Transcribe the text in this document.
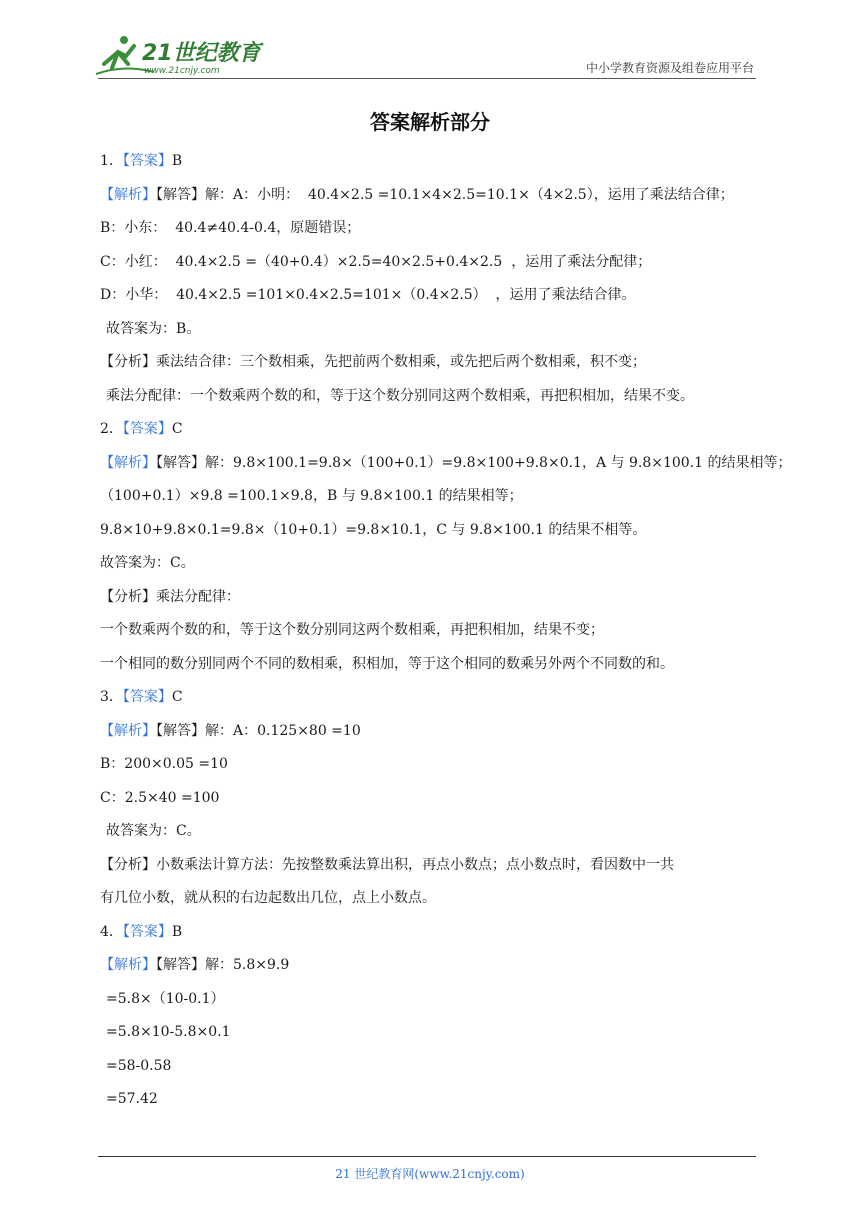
21世纪教育
www.21cnjy.com	中小学教育资源及组卷应用平台
答案解析部分
1．【答案】B
【解析】【解答】解：A：小明：  40.4×2.5 =10.1×4×2.5=10.1×（4×2.5），运用了乘法结合律；
B：小东：  40.4≠40.4-0.4，原题错误；
C：小红：  40.4×2.5 =（40+0.4）×2.5=40×2.5+0.4×2.5  ，运用了乘法分配律；
D：小华：  40.4×2.5 =101×0.4×2.5=101×（0.4×2.5）  ，运用了乘法结合律。
故答案为：B。
【分析】乘法结合律：三个数相乘，先把前两个数相乘，或先把后两个数相乘，积不变；
乘法分配律：一个数乘两个数的和，等于这个数分别同这两个数相乘，再把积相加，结果不变。
2．【答案】C
【解析】【解答】解：9.8×100.1=9.8×（100+0.1）=9.8×100+9.8×0.1，A 与 9.8×100.1 的结果相等；
（100+0.1）×9.8 =100.1×9.8，B 与 9.8×100.1 的结果相等；
9.8×10+9.8×0.1=9.8×（10+0.1）=9.8×10.1，C 与 9.8×100.1 的结果不相等。
故答案为：C。
【分析】乘法分配律：
一个数乘两个数的和，等于这个数分别同这两个数相乘，再把积相加，结果不变；
一个相同的数分别同两个不同的数相乘，积相加，等于这个相同的数乘另外两个不同数的和。
3．【答案】C
【解析】【解答】解：A：0.125×80 =10
B：200×0.05 =10
C：2.5×40 =100
故答案为：C。
【分析】小数乘法计算方法：先按整数乘法算出积，再点小数点；点小数点时，看因数中一共
有几位小数，就从积的右边起数出几位，点上小数点。
4．【答案】B
【解析】【解答】解：5.8×9.9
=5.8×（10-0.1）
=5.8×10-5.8×0.1
=58-0.58
=57.42
21 世纪教育网(www.21cnjy.com)
